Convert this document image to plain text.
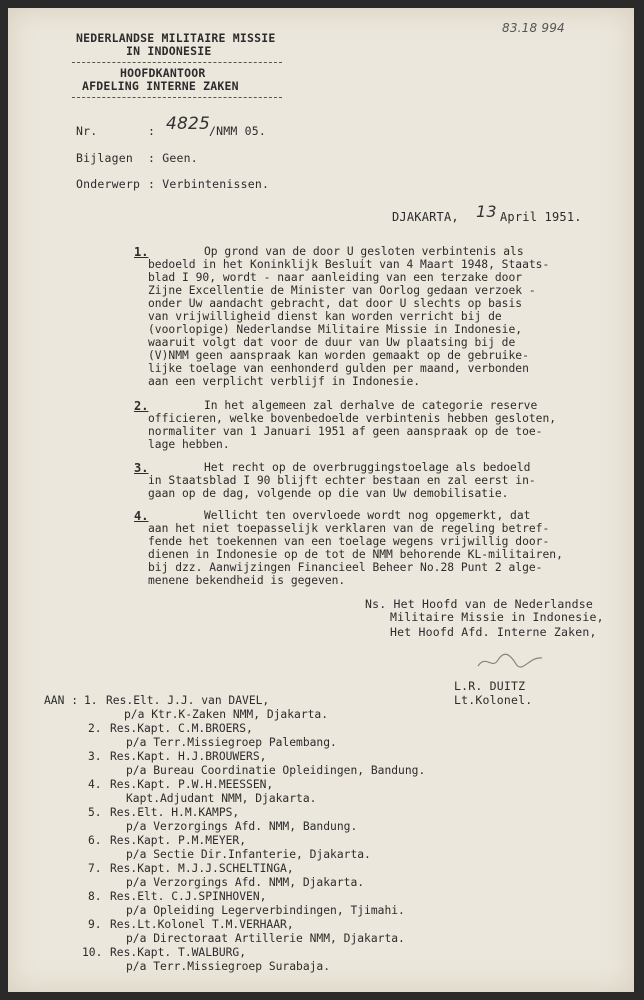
83.18 994
NEDERLANDSE MILITAIRE MISSIE
IN INDONESIE
HOOFDKANTOOR
AFDELING INTERNE ZAKEN
Nr.	: 4825
/NMM 05.
Bijlagen : Geen.
Onderwerp : Verbintenissen.
DJAKARTA, 13 April 1951.
1.	Op grond van de door U gesloten verbintenis als
bedoeld in het Koninklijk Besluit van 4 Maart 1948, Staats-
blad I 90, wordt - naar aanleiding van een terzake door
Zijne Excellentie de Minister van Oorlog gedaan verzoek -
onder Uw aandacht gebracht, dat door U slechts op basis
van vrijwilligheid dienst kan worden verricht bij de
(voorlopige) Nederlandse Militaire Missie in Indonesie,
waaruit volgt dat voor de duur van Uw plaatsing bij de
(V)NMM geen aanspraak kan worden gemaakt op de gebruike-
lijke toelage van eenhonderd gulden per maand, verbonden
aan een verplicht verblijf in Indonesie.
2.	In het algemeen zal derhalve de categorie reserve
officieren, welke bovenbedoelde verbintenis hebben gesloten,
normaliter van 1 Januari 1951 af geen aanspraak op de toe-
lage hebben.
3.	Het recht op de overbruggingstoelage als bedoeld
in Staatsblad I 90 blijft echter bestaan en zal eerst in-
gaan op de dag, volgende op die van Uw demobilisatie.
4.	Wellicht ten overvloede wordt nog opgemerkt, dat
aan het niet toepasselijk verklaren van de regeling betref-
fende het toekennen van een toelage wegens vrijwillig door-
dienen in Indonesie op de tot de NMM behorende KL-militairen,
bij dzz. Aanwijzingen Financieel Beheer No.28 Punt 2 alge-
menene bekendheid is gegeven.
Ns. Het Hoofd van de Nederlandse
Militaire Missie in Indonesie,
Het Hoofd Afd. Interne Zaken,
L.R. DUITZ
Lt.Kolonel.
AAN : 1. Res.Elt. J.J. van DAVEL,
p/a Ktr.K-Zaken NMM, Djakarta.
2. Res.Kapt. C.M.BROERS,
p/a Terr.Missiegroep Palembang.
3. Res.Kapt. H.J.BROUWERS,
p/a Bureau Coordinatie Opleidingen, Bandung.
4. Res.Kapt. P.W.H.MEESSEN,
Kapt.Adjudant NMM, Djakarta.
5. Res.Elt. H.M.KAMPS,
p/a Verzorgings Afd. NMM, Bandung.
6. Res.Kapt. P.M.MEYER,
p/a Sectie Dir.Infanterie, Djakarta.
7. Res.Kapt. M.J.J.SCHELTINGA,
p/a Verzorgings Afd. NMM, Djakarta.
8. Res.Elt. C.J.SPINHOVEN,
p/a Opleiding Legerverbindingen, Tjimahi.
9. Res.Lt.Kolonel T.M.VERHAAR,
p/a Directoraat Artillerie NMM, Djakarta.
10. Res.Kapt. T.WALBURG,
p/a Terr.Missiegroep Surabaja.
